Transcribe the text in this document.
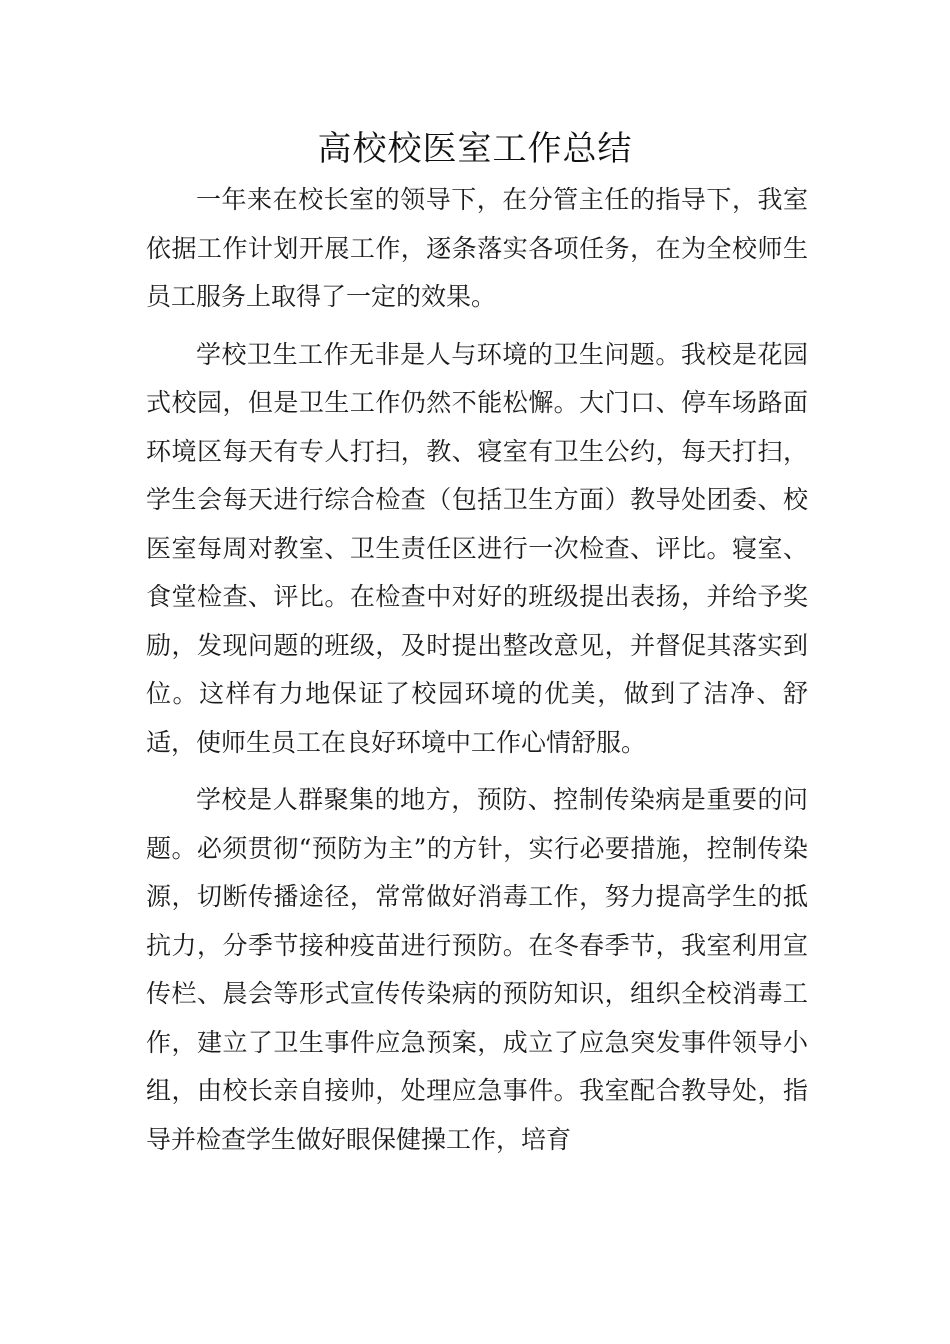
高校校医室工作总结

一年来在校长室的领导下，在分管主任的指导下，我室依据工作计划开展工作，逐条落实各项任务，在为全校师生员工服务上取得了一定的效果。

学校卫生工作无非是人与环境的卫生问题。我校是花园式校园，但是卫生工作仍然不能松懈。大门口、停车场路面环境区每天有专人打扫，教、寝室有卫生公约，每天打扫，学生会每天进行综合检查（包括卫生方面）教导处团委、校医室每周对教室、卫生责任区进行一次检查、评比。寝室、食堂检查、评比。在检查中对好的班级提出表扬，并给予奖励，发现问题的班级，及时提出整改意见，并督促其落实到位。这样有力地保证了校园环境的优美，做到了洁净、舒适，使师生员工在良好环境中工作心情舒服。

学校是人群聚集的地方，预防、控制传染病是重要的问题。必须贯彻“预防为主”的方针，实行必要措施，控制传染源，切断传播途径，常常做好消毒工作，努力提高学生的抵抗力，分季节接种疫苗进行预防。在冬春季节，我室利用宣传栏、晨会等形式宣传传染病的预防知识，组织全校消毒工作，建立了卫生事件应急预案，成立了应急突发事件领导小组，由校长亲自接帅，处理应急事件。我室配合教导处，指导并检查学生做好眼保健操工作，培育
